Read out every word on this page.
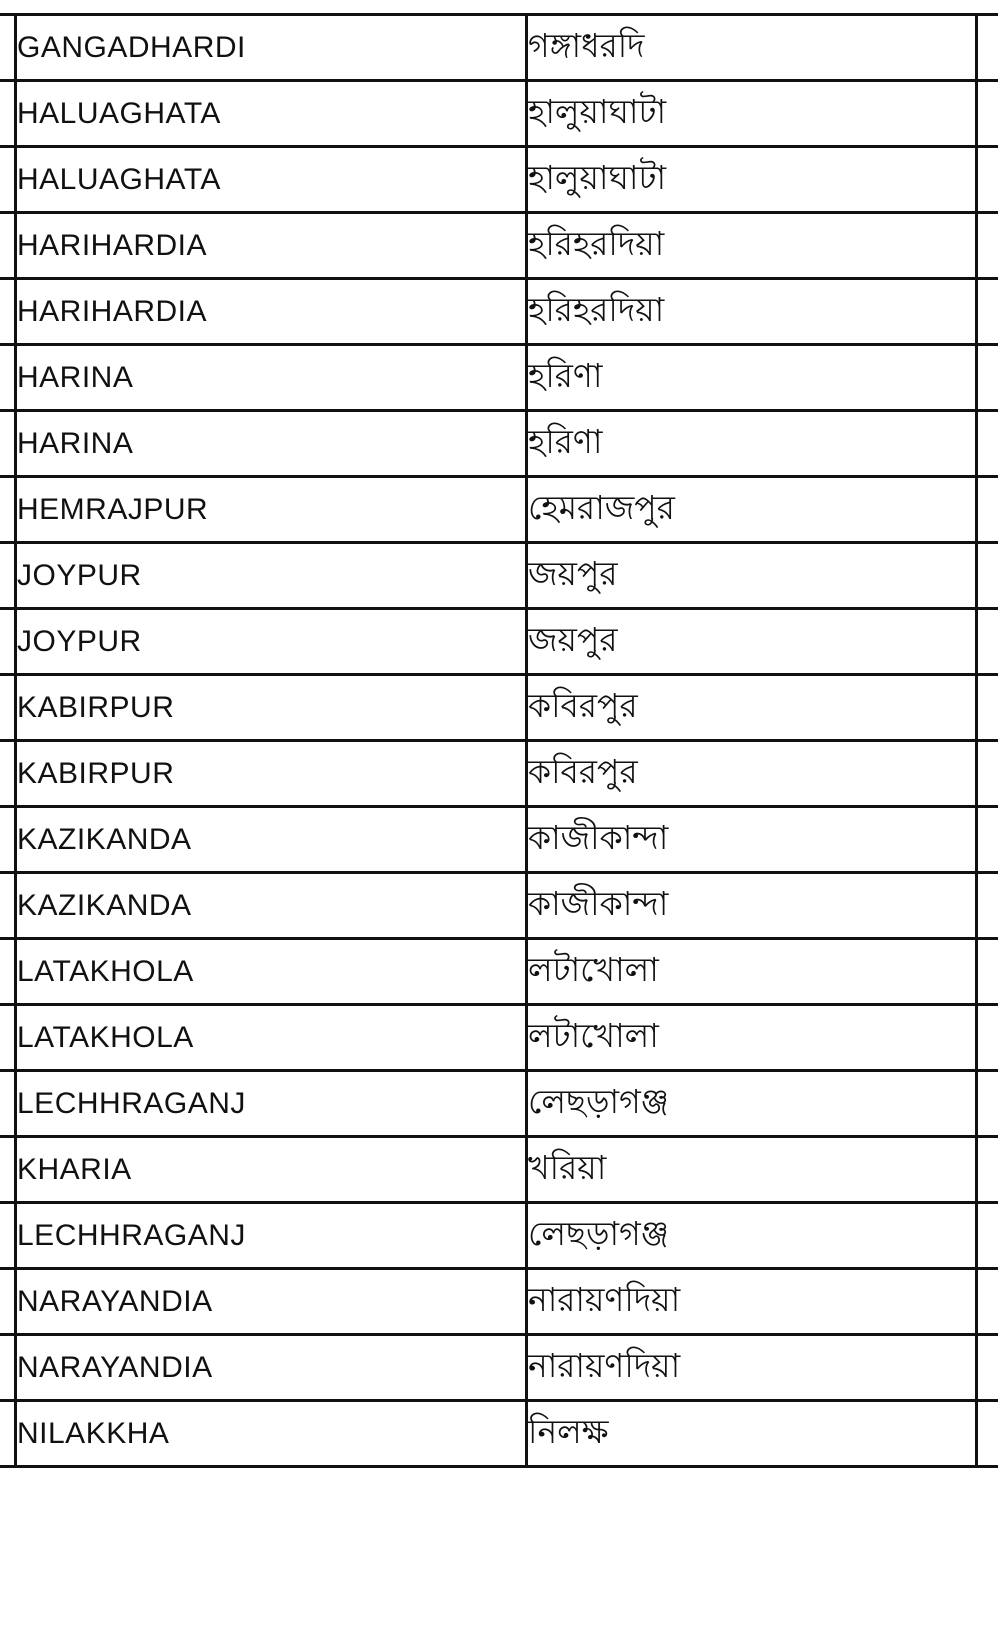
	GANGADHARDI	গঙ্গাধরদি	
	HALUAGHATA	হালুয়াঘাটা	
	HALUAGHATA	হালুয়াঘাটা	
	HARIHARDIA	হরিহরদিয়া	
	HARIHARDIA	হরিহরদিয়া	
	HARINA	হরিণা	
	HARINA	হরিণা	
	HEMRAJPUR	হেমরাজপুর	
	JOYPUR	জয়পুর	
	JOYPUR	জয়পুর	
	KABIRPUR	কবিরপুর	
	KABIRPUR	কবিরপুর	
	KAZIKANDA	কাজীকান্দা	
	KAZIKANDA	কাজীকান্দা	
	LATAKHOLA	লটাখোলা	
	LATAKHOLA	লটাখোলা	
	LECHHRAGANJ	লেছড়াগঞ্জ	
	KHARIA	খরিয়া	
	LECHHRAGANJ	লেছড়াগঞ্জ	
	NARAYANDIA	নারায়ণদিয়া	
	NARAYANDIA	নারায়ণদিয়া	
	NILAKKHA	নিলক্ষ	
